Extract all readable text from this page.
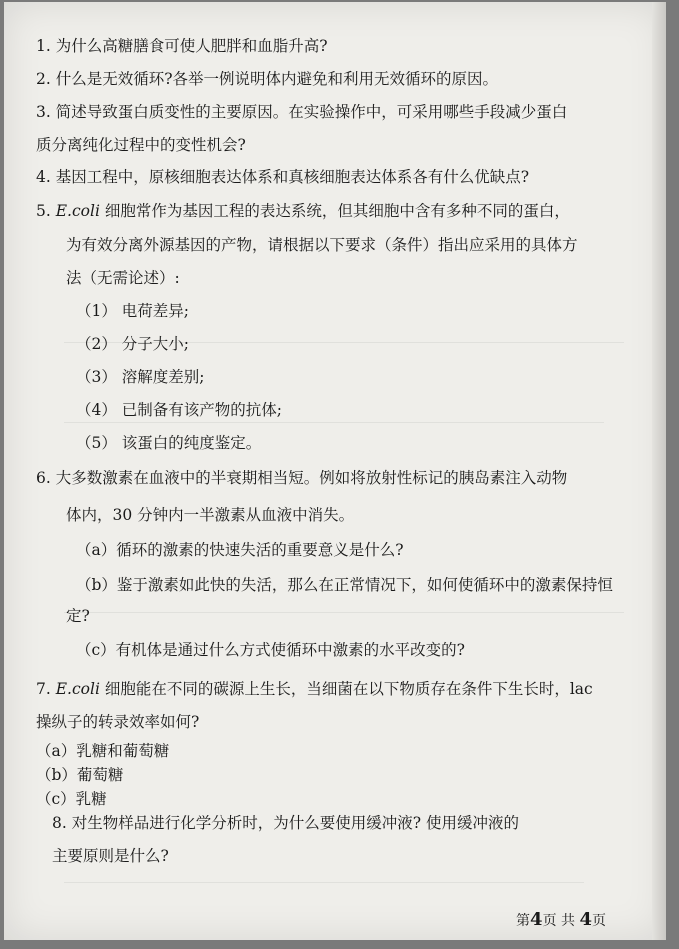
1. 为什么高糖膳食可使人肥胖和血脂升高?
2. 什么是无效循环?各举一例说明体内避免和利用无效循环的原因。
3. 简述导致蛋白质变性的主要原因。在实验操作中，可采用哪些手段减少蛋白
质分离纯化过程中的变性机会?
4. 基因工程中，原核细胞表达体系和真核细胞表达体系各有什么优缺点?
5. E.coli 细胞常作为基因工程的表达系统，但其细胞中含有多种不同的蛋白，
为有效分离外源基因的产物，请根据以下要求（条件）指出应采用的具体方
法（无需论述）:
（1） 电荷差异;
（2） 分子大小;
（3） 溶解度差别;
（4） 已制备有该产物的抗体;
（5） 该蛋白的纯度鉴定。
6. 大多数激素在血液中的半衰期相当短。例如将放射性标记的胰岛素注入动物
体内，30 分钟内一半激素从血液中消失。
（a）循环的激素的快速失活的重要意义是什么?
（b）鉴于激素如此快的失活，那么在正常情况下，如何使循环中的激素保持恒
定?
（c）有机体是通过什么方式使循环中激素的水平改变的?
7. E.coli 细胞能在不同的碳源上生长，当细菌在以下物质存在条件下生长时，lac
操纵子的转录效率如何?
（a）乳糖和葡萄糖
（b）葡萄糖
（c）乳糖
8. 对生物样品进行化学分析时，为什么要使用缓冲液? 使用缓冲液的
主要原则是什么?
第4页 共 4页
